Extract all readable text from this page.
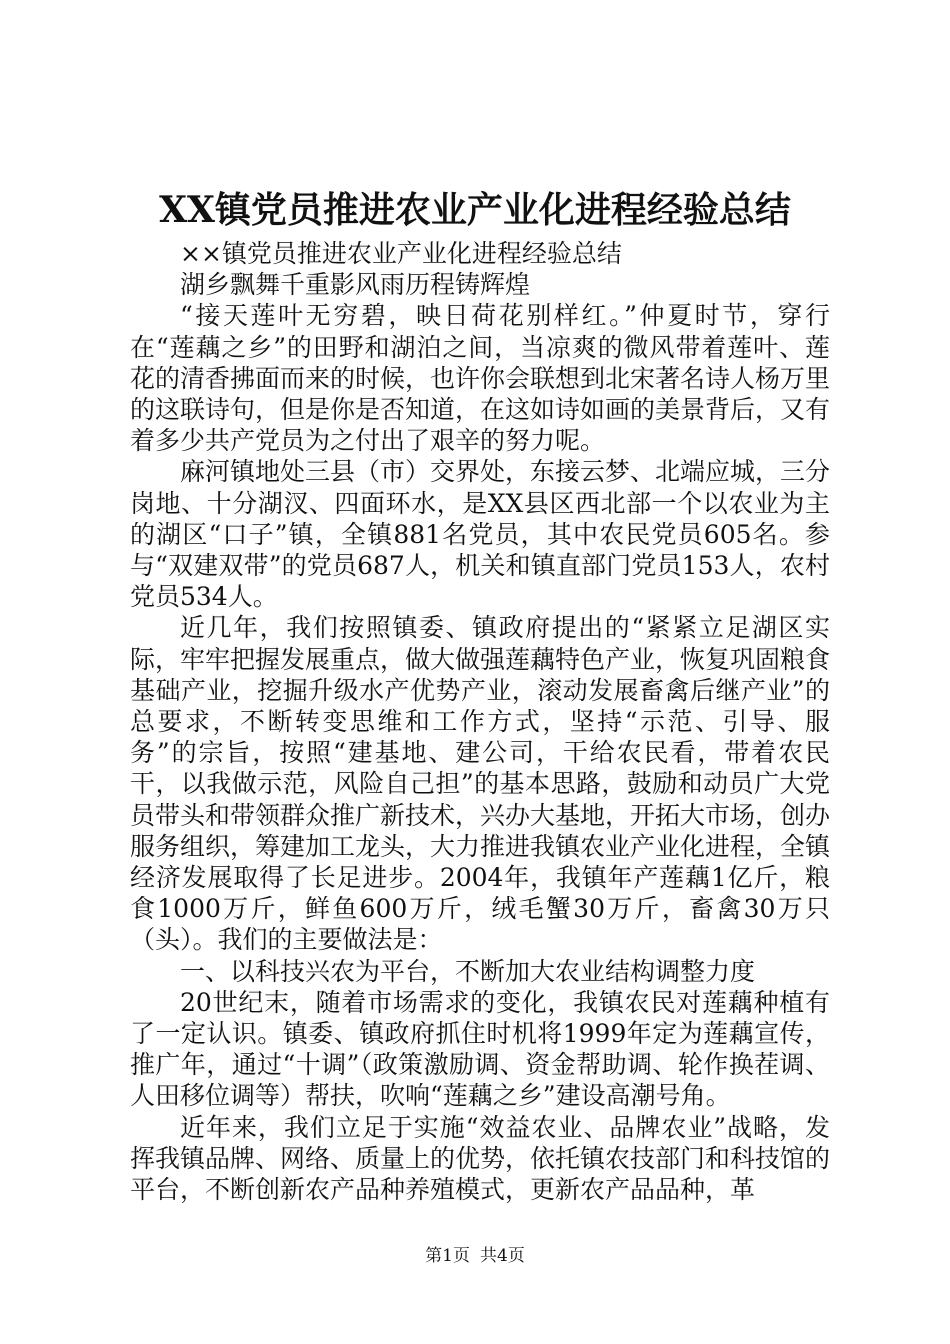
XX镇党员推进农业产业化进程经验总结

××镇党员推进农业产业化进程经验总结

湖乡飘舞千重影风雨历程铸辉煌

“接天莲叶无穷碧，映日荷花别样红。”仲夏时节，穿行在“莲藕之乡”的田野和湖泊之间，当凉爽的微风带着莲叶、莲花的清香拂面而来的时候，也许你会联想到北宋著名诗人杨万里的这联诗句，但是你是否知道，在这如诗如画的美景背后，又有着多少共产党员为之付出了艰辛的努力呢。

麻河镇地处三县（市）交界处，东接云梦、北端应城，三分岗地、十分湖汊、四面环水，是XX县区西北部一个以农业为主的湖区“口子”镇，全镇881名党员，其中农民党员605名。参与“双建双带”的党员687人，机关和镇直部门党员153人，农村党员534人。

近几年，我们按照镇委、镇政府提出的“紧紧立足湖区实际，牢牢把握发展重点，做大做强莲藕特色产业，恢复巩固粮食基础产业，挖掘升级水产优势产业，滚动发展畜禽后继产业”的总要求，不断转变思维和工作方式，坚持“示范、引导、服务”的宗旨，按照“建基地、建公司，干给农民看，带着农民干，以我做示范，风险自己担”的基本思路，鼓励和动员广大党员带头和带领群众推广新技术，兴办大基地，开拓大市场，创办服务组织，筹建加工龙头，大力推进我镇农业产业化进程，全镇经济发展取得了长足进步。2004年，我镇年产莲藕1亿斤，粮食1000万斤，鲜鱼600万斤，绒毛蟹30万斤，畜禽30万只（头）。我们的主要做法是：

一、以科技兴农为平台，不断加大农业结构调整力度

20世纪末，随着市场需求的变化，我镇农民对莲藕种植有了一定认识。镇委、镇政府抓住时机将1999年定为莲藕宣传，推广年，通过“十调”（政策激励调、资金帮助调、轮作换茬调、人田移位调等）帮扶，吹响“莲藕之乡”建设高潮号角。

近年来，我们立足于实施“效益农业、品牌农业”战略，发挥我镇品牌、网络、质量上的优势，依托镇农技部门和科技馆的平台，不断创新农产品种养殖模式，更新农产品品种，革

第1页 共4页
